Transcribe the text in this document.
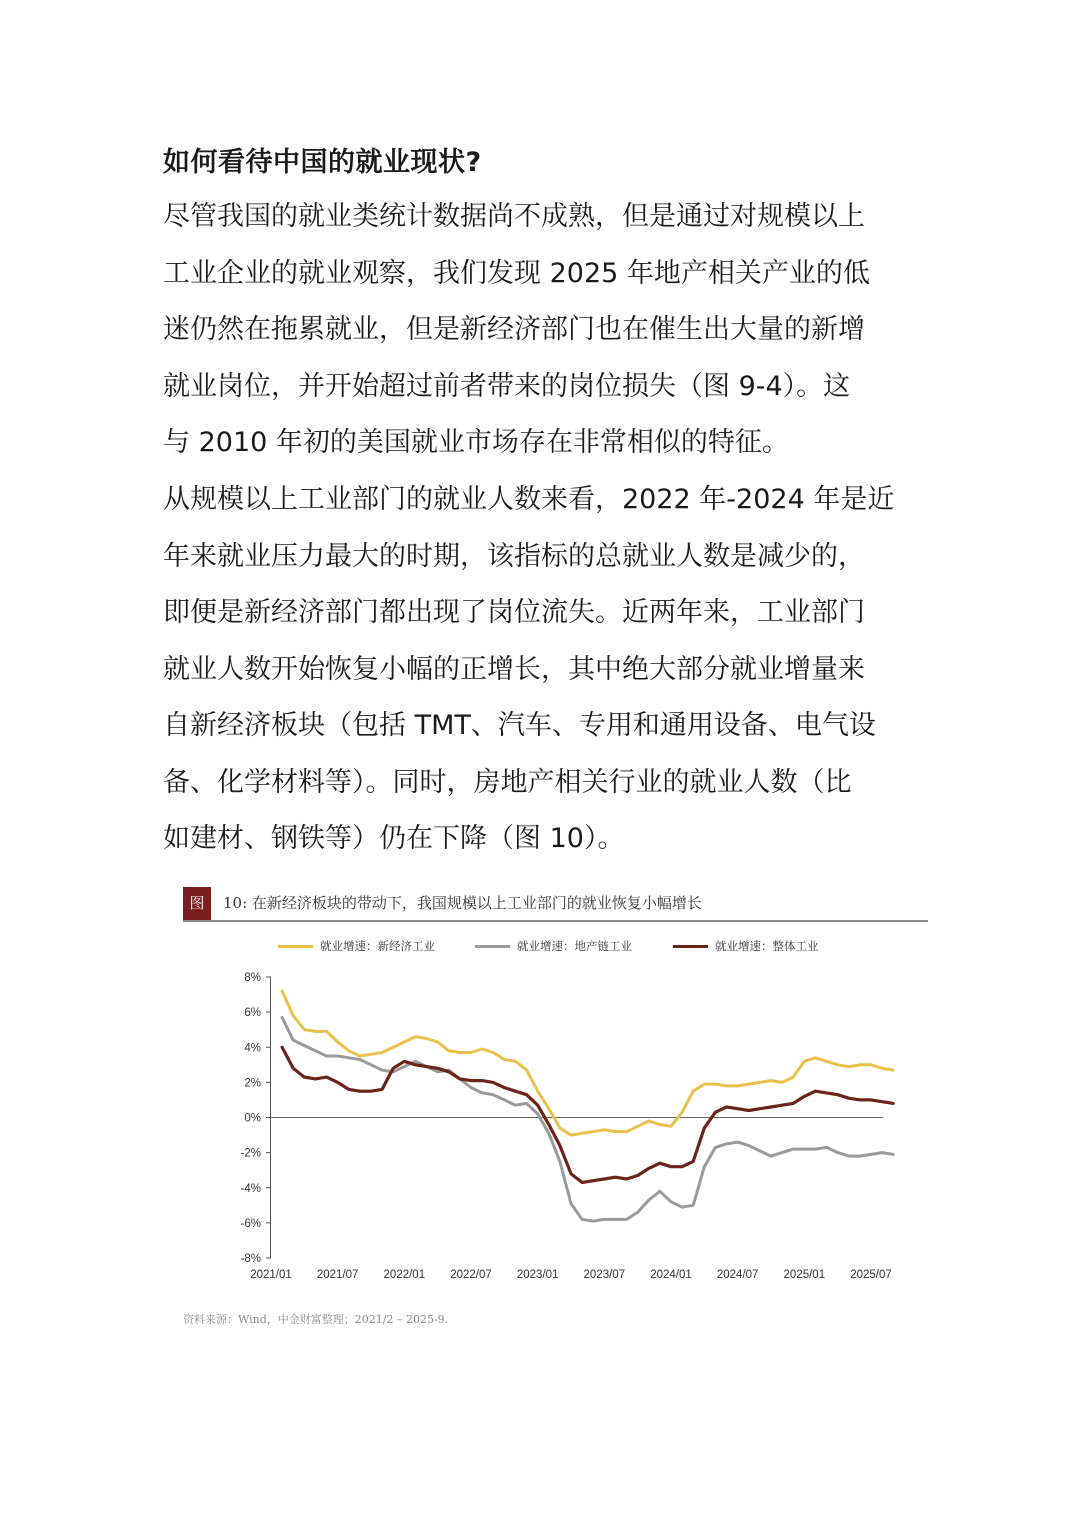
如何看待中国的就业现状?

尽管我国的就业类统计数据尚不成熟，但是通过对规模以上
工业企业的就业观察，我们发现 2025 年地产相关产业的低
迷仍然在拖累就业，但是新经济部门也在催生出大量的新增
就业岗位，并开始超过前者带来的岗位损失（图 9-4）。这
与 2010 年初的美国就业市场存在非常相似的特征。

从规模以上工业部门的就业人数来看，2022 年-2024 年是近
年来就业压力最大的时期，该指标的总就业人数是减少的，
即便是新经济部门都出现了岗位流失。近两年来，工业部门
就业人数开始恢复小幅的正增长，其中绝大部分就业增量来
自新经济板块（包括 TMT、汽车、专用和通用设备、电气设
备、化学材料等）。同时，房地产相关行业的就业人数（比
如建材、钢铁等）仍在下降（图 10）。

图	10: 在新经济板块的带动下，我国规模以上工业部门的就业恢复小幅增长
就业增速：新经济工业	就业增速：地产链工业	就业增速：整体工业
8%
6%
4%
2%
0%
-2%
-4%
-6%
-8%
2021/01 2021/07 2022/01 2022/07 2023/01 2023/07 2024/01 2024/07 2025/01 2025/07
资料来源：Wind，中金财富整理；2021/2 – 2025-9.
